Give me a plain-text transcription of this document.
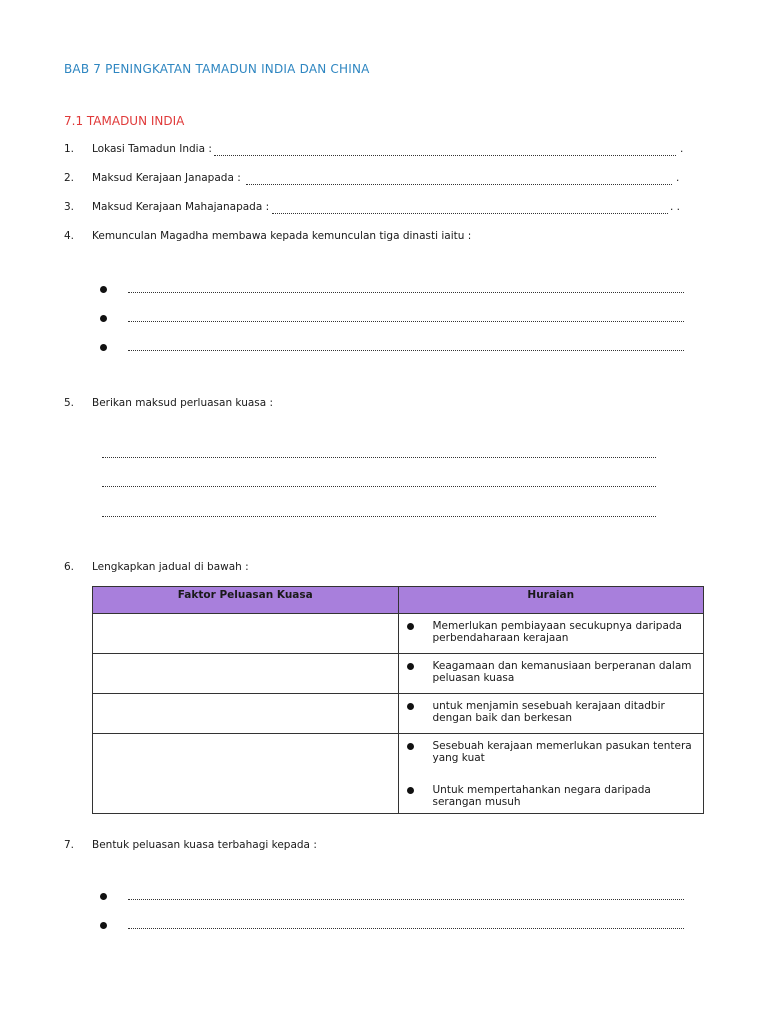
BAB 7 PENINGKATAN TAMADUN INDIA DAN CHINA
7.1 TAMADUN INDIA
1.	Lokasi Tamadun India :	.
2.	Maksud Kerajaan Janapada :	.
3.	Maksud Kerajaan Mahajanapada :	. .
4.	Kemunculan Magadha membawa kepada kemunculan tiga dinasti iaitu :
5.	Berikan maksud perluasan kuasa :
6.	Lengkapkan jadual di bawah :
Faktor Peluasan Kuasa	Huraian

	Memerlukan pembiayaan secukupnya daripada perbendaharaan kerajaan

	Keagamaan dan kemanusiaan berperanan dalam peluasan kuasa

	untuk menjamin sesebuah kerajaan ditadbir dengan baik dan berkesan

	Sesebuah kerajaan memerlukan pasukan tentera yang kuat
Untuk mempertahankan negara daripada serangan musuh
7.	Bentuk peluasan kuasa terbahagi kepada :
